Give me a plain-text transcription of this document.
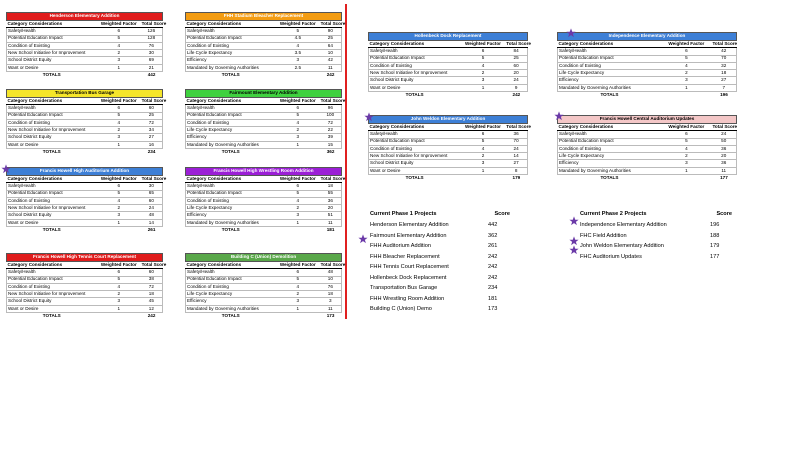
Henderson Elementary Addition		
Category Considerations	Weighted Factor	Total Score
Safety/Health	6	126
Potential Education Impact	5	128
Condition of Existing	4	76
New School Initiative for Improvement	2	30
School District Equity	3	69
Want or Desire	1	21
TOTALS		442
FHH Stadium Bleacher Replacement		
Category Considerations	Weighted Factor	Total Score
Safety/Health	5	90
Potential Education Impact	4.5	25
Condition of Existing	4	64
Life Cycle Expectancy	3.5	10
Efficiency	3	42
Mandated by Governing Authorities	2.5	11
TOTALS		242
Transportation Bus Garage		
Category Considerations	Weighted Factor	Total Score
Safety/Health	6	60
Potential Education Impact	5	25
Condition of Existing	4	72
New School Initiative for Improvement	2	34
School District Equity	3	27
Want or Desire	1	16
TOTALS		234
Fairmount Elementary Addition		
Category Considerations	Weighted Factor	Total Score
Safety/Health	6	96
Potential Education Impact	5	100
Condition of Existing	4	72
Life Cycle Expectancy	2	22
Efficiency	3	39
Mandated by Governing Authorities	1	15
TOTALS		362
Francis Howell High Auditorium Addition		
Category Considerations	Weighted Factor	Total Score
Safety/Health	6	30
Potential Education Impact	5	65
Condition of Existing	4	60
New School Initiative for Improvement	2	24
School District Equity	3	48
Want or Desire	1	14
TOTALS		261
Francis Howell High Wrestling Room Addition		
Category Considerations	Weighted Factor	Total Score
Safety/Health	6	18
Potential Education Impact	5	55
Condition of Existing	4	36
Life Cycle Expectancy	2	20
Efficiency	3	51
Mandated by Governing Authorities	1	11
TOTALS		181
Francis Howell High Tennis Court Replacement		
Category Considerations	Weighted Factor	Total Score
Safety/Health	6	60
Potential Education Impact	5	38
Condition of Existing	4	72
New School Initiative for Improvement	2	18
School District Equity	3	45
Want or Desire	1	12
TOTALS		242
Building C (Union) Demolition		
Category Considerations	Weighted Factor	Total Score
Safety/Health	6	48
Potential Education Impact	5	10
Condition of Existing	4	76
Life Cycle Expectancy	2	18
Efficiency	3	3
Mandated by Governing Authorities	1	11
TOTALS		173
Hollenbeck Dock Replacement		
Category Considerations	Weighted Factor	Total Score
Safety/Health	6	84
Potential Education Impact	5	25
Condition of Existing	4	60
New School Initiative for Improvement	2	20
School District Equity	3	24
Want or Desire	1	9
TOTALS		242
Independence Elementary Addition		
Category Considerations	Weighted Factor	Total Score
Safety/Health	6	42
Potential Education Impact	5	70
Condition of Existing	4	32
Life Cycle Expectancy	2	18
Efficiency	3	27
Mandated by Governing Authorities	1	7
TOTALS		196
John Weldon Elementary Addition		
Category Considerations	Weighted Factor	Total Score
Safety/Health	6	36
Potential Education Impact	5	70
Condition of Existing	4	24
New School Initiative for Improvement	2	14
School District Equity	3	27
Want or Desire	1	8
TOTALS		179
Francis Howell Central Auditorium Updates		
Category Considerations	Weighted Factor	Total Score
Safety/Health	6	24
Potential Education Impact	5	50
Condition of Existing	4	36
Life Cycle Expectancy	2	20
Efficiency	3	36
Mandated by Governing Authorities	1	11
TOTALS		177
Current Phase 1 Projects	Score
Henderson Elementary Addition	442
Fairmount Elementary Addition	362
FHH Auditorium Addition	261
FHH Bleacher Replacement	242
FHH Tennis Court Replacement	242
Hollenbeck Dock Replacement	242
Transportation Bus Garage	234
FHH Wrestling Room Addition	181
Building C (Union) Demo	173
Current Phase 2 Projects	Score
Independence Elementary Addition	196
FHC Field Addition	188
John Weldon Elementary Addition	179
FHC Auditorium Updates	177
